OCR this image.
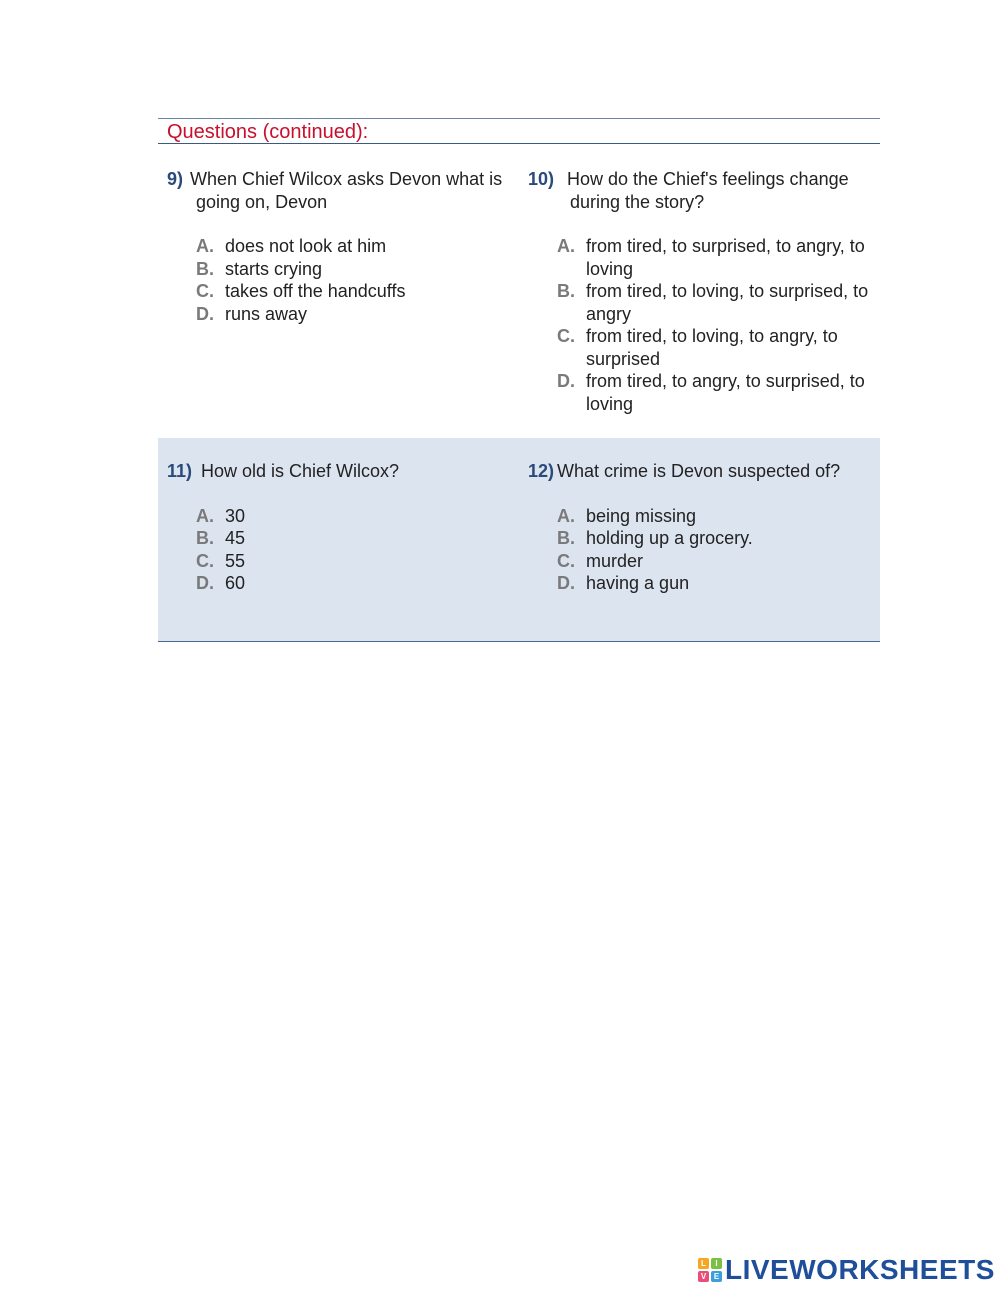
Questions (continued):
9) When Chief Wilcox asks Devon what is going on, Devon
A. does not look at him
B. starts crying
C. takes off the handcuffs
D. runs away
10) How do the Chief's feelings change during the story?
A. from tired, to surprised, to angry, to loving
B. from tired, to loving, to surprised, to angry
C. from tired, to loving, to angry, to surprised
D. from tired, to angry, to surprised, to loving
11) How old is Chief Wilcox?
A. 30
B. 45
C. 55
D. 60
12) What crime is Devon suspected of?
A. being missing
B. holding up a grocery.
C. murder
D. having a gun
L	I
V E LIVEWORKSHEETS
